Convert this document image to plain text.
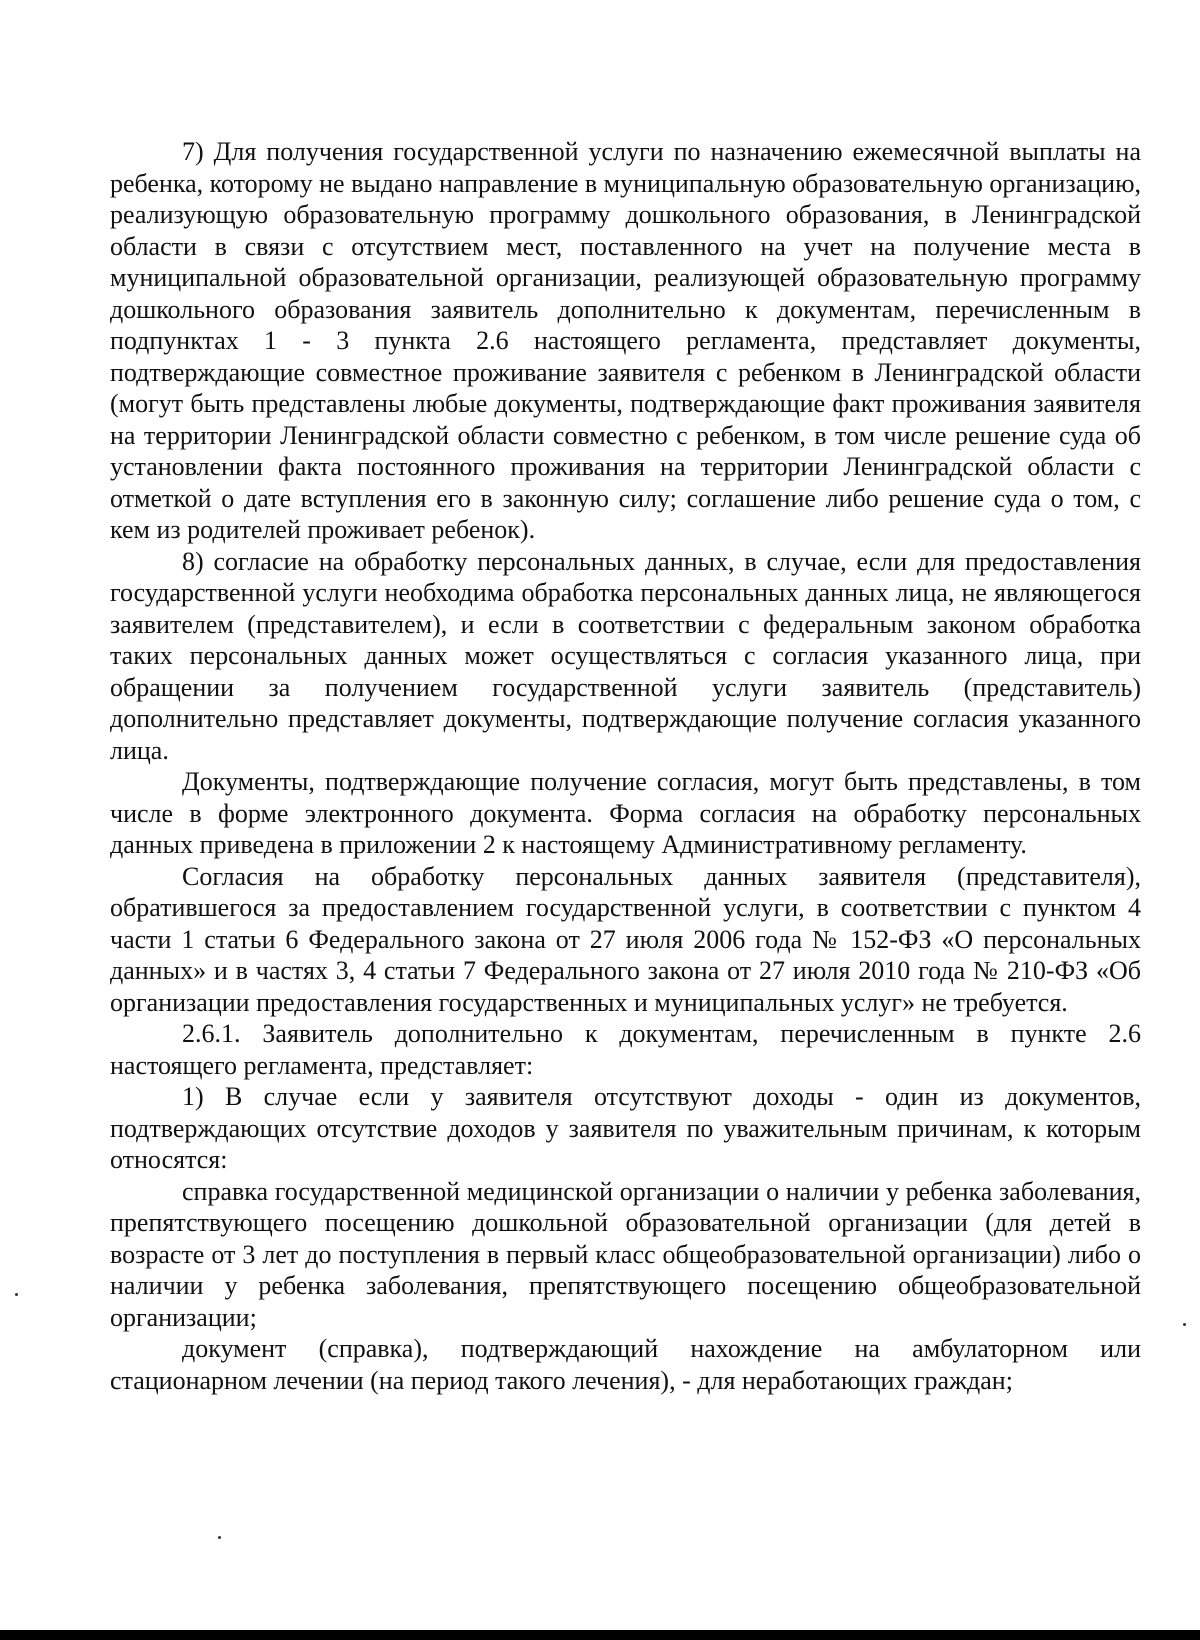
7) Для получения государственной услуги по назначению ежемесячной выплаты на ребенка, которому не выдано направление в муниципальную образовательную организацию, реализующую образовательную программу дошкольного образования, в Ленинградской области в связи с отсутствием мест, поставленного на учет на получение места в муниципальной образовательной организации, реализующей образовательную программу дошкольного образования заявитель дополнительно к документам, перечисленным в подпунктах 1 - 3 пункта 2.6 настоящего регламента, представляет документы, подтверждающие совместное проживание заявителя с ребенком в Ленинградской области (могут быть представлены любые документы, подтверждающие факт проживания заявителя на территории Ленинградской области совместно с ребенком, в том числе решение суда об установлении факта постоянного проживания на территории Ленинградской области с отметкой о дате вступления его в законную силу; соглашение либо решение суда о том, с кем из родителей проживает ребенок).

8) согласие на обработку персональных данных, в случае, если для предоставления государственной услуги необходима обработка персональных данных лица, не являющегося заявителем (представителем), и если в соответствии с федеральным законом обработка таких персональных данных может осуществляться с согласия указанного лица, при обращении за получением государственной услуги заявитель (представитель) дополнительно представляет документы, подтверждающие получение согласия указанного лица.

Документы, подтверждающие получение согласия, могут быть представлены, в том числе в форме электронного документа. Форма согласия на обработку персональных данных приведена в приложении 2 к настоящему Административному регламенту.

Согласия на обработку персональных данных заявителя (представителя), обратившегося за предоставлением государственной услуги, в соответствии с пунктом 4 части 1 статьи 6 Федерального закона от 27 июля 2006 года № 152-ФЗ «О персональных данных» и в частях 3, 4 статьи 7 Федерального закона от 27 июля 2010 года № 210-ФЗ «Об организации предоставления государственных и муниципальных услуг» не требуется.

2.6.1. Заявитель дополнительно к документам, перечисленным в пункте 2.6 настоящего регламента, представляет:

1) В случае если у заявителя отсутствуют доходы - один из документов, подтверждающих отсутствие доходов у заявителя по уважительным причинам, к которым относятся:

справка государственной медицинской организации о наличии у ребенка заболевания, препятствующего посещению дошкольной образовательной организации (для детей в возрасте от 3 лет до поступления в первый класс общеобразовательной организации) либо о наличии у ребенка заболевания, препятствующего посещению общеобразовательной организации;

документ (справка), подтверждающий нахождение на амбулаторном или стационарном лечении (на период такого лечения), - для неработающих граждан;
